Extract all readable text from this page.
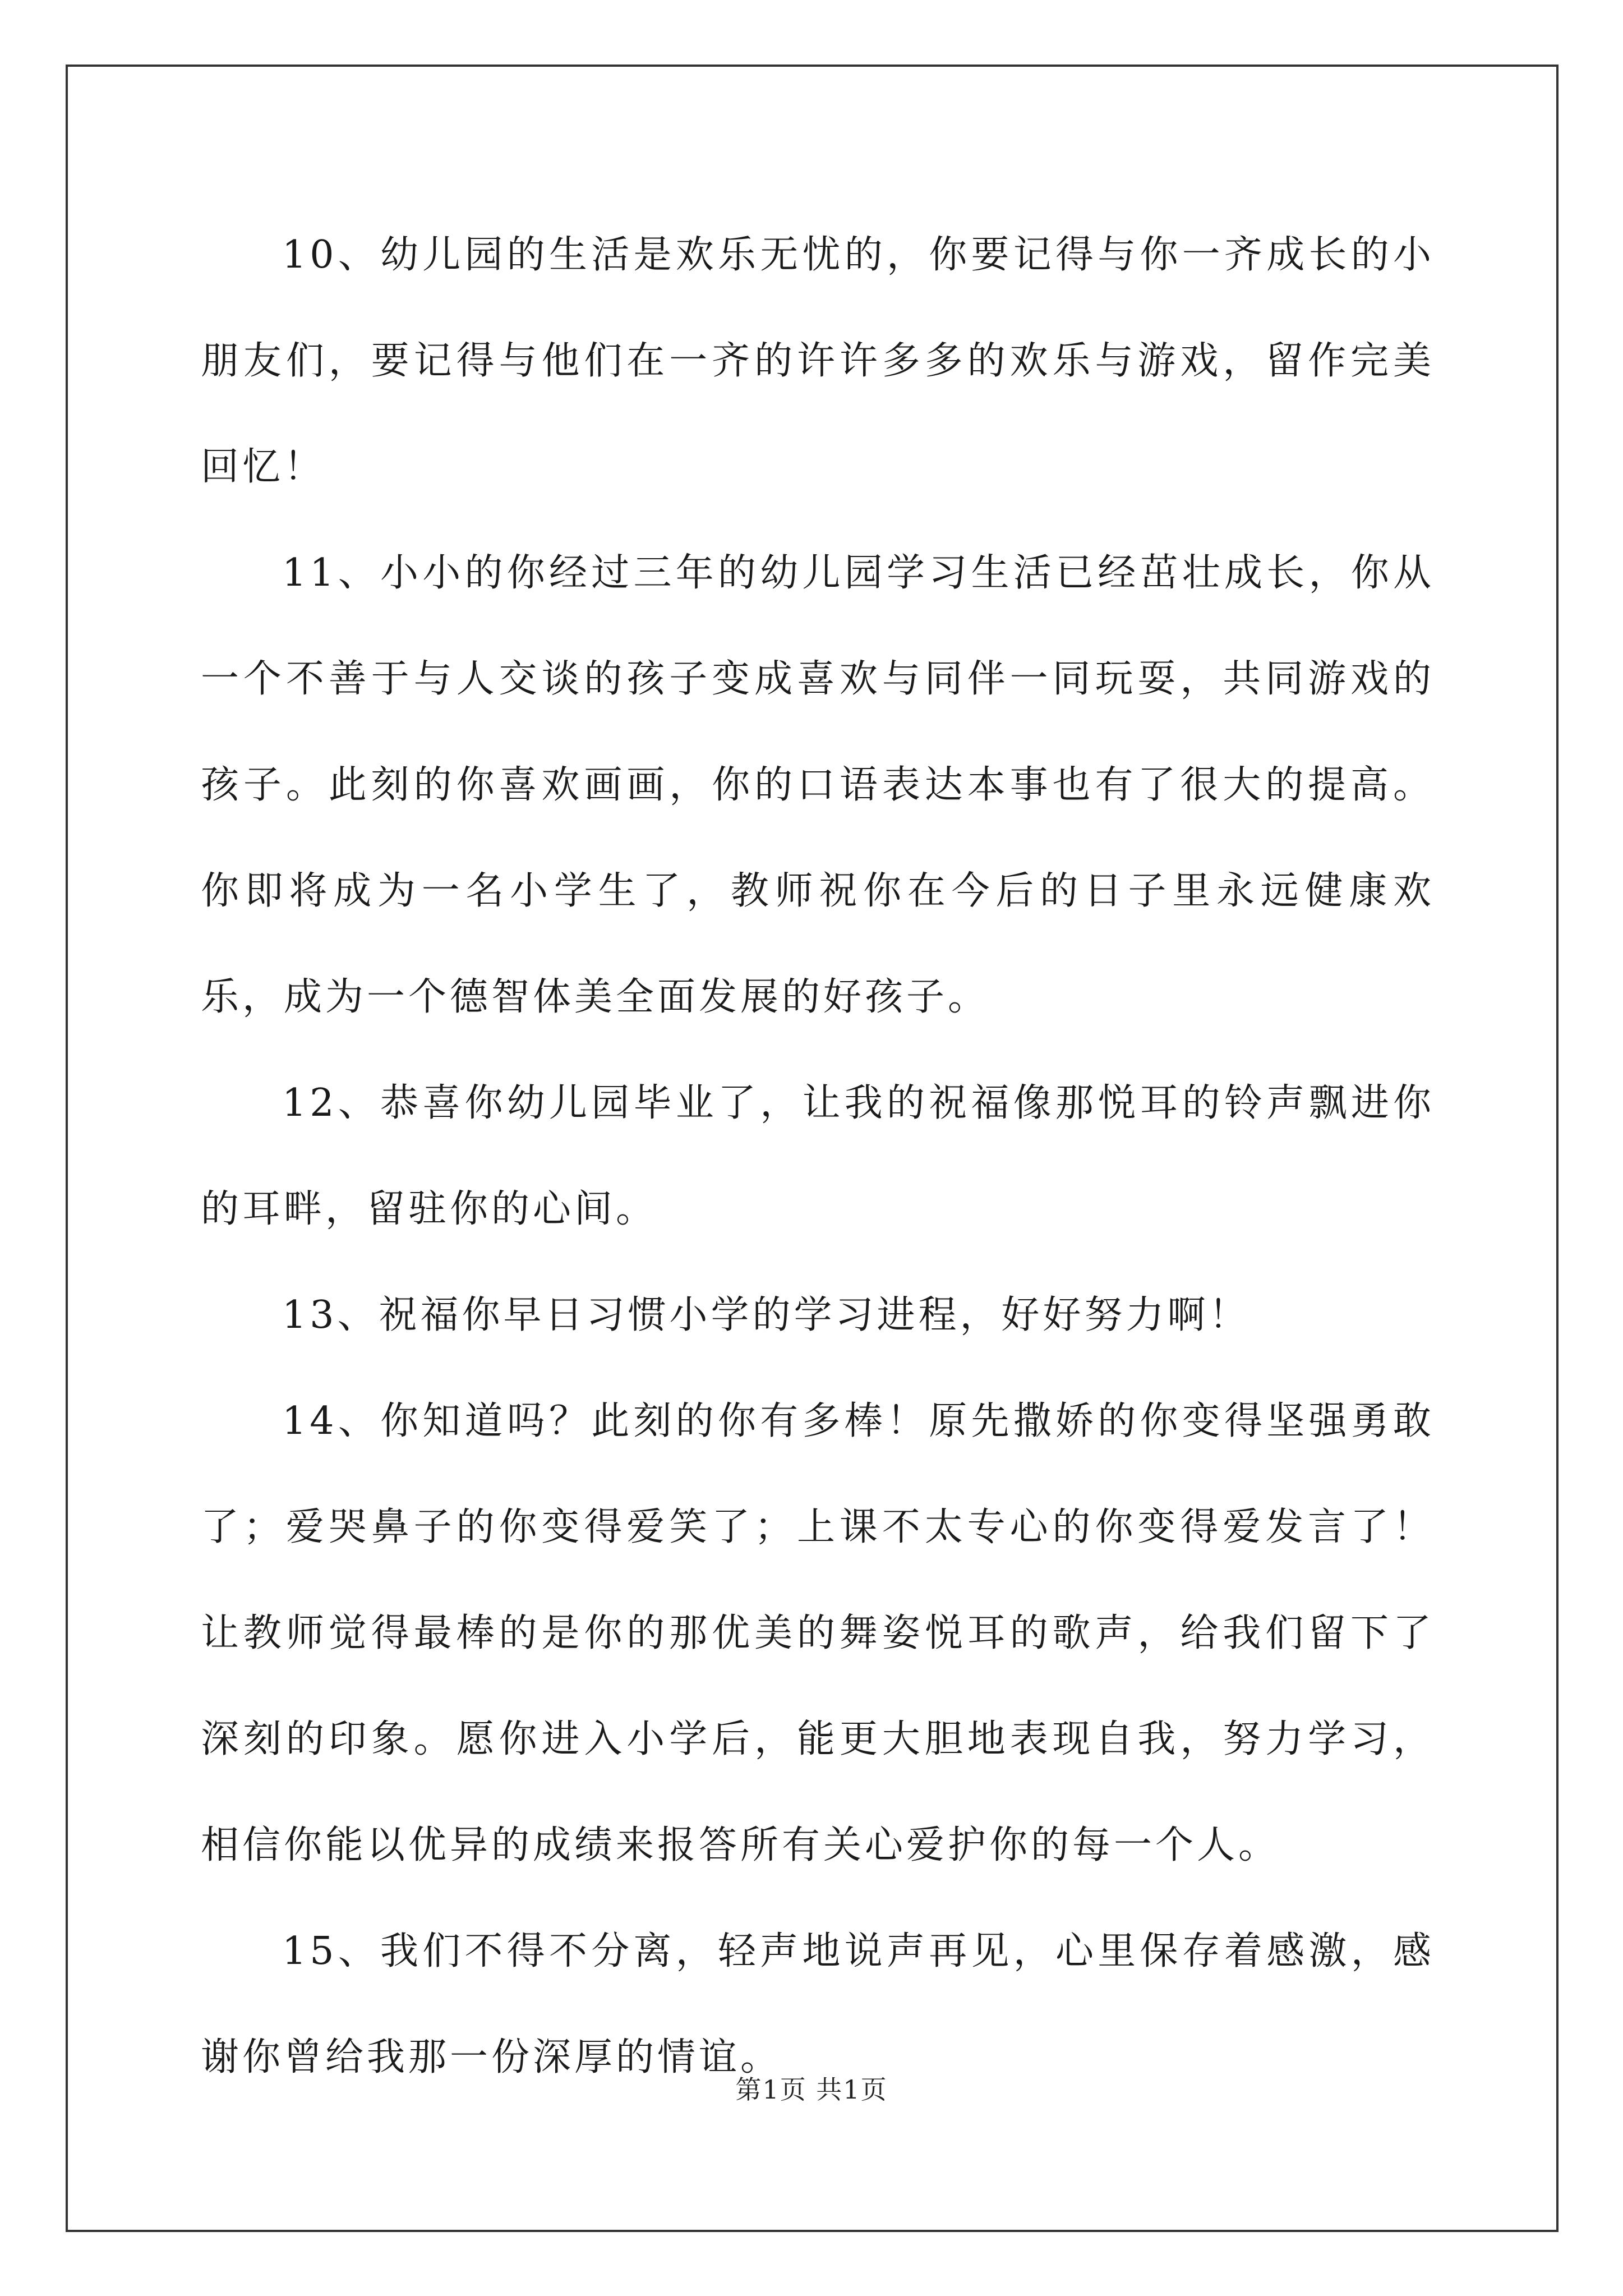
10、幼儿园的生活是欢乐无忧的，你要记得与你一齐成长的小朋友们，要记得与他们在一齐的许许多多的欢乐与游戏，留作完美回忆！

11、小小的你经过三年的幼儿园学习生活已经茁壮成长，你从一个不善于与人交谈的孩子变成喜欢与同伴一同玩耍，共同游戏的孩子。此刻的你喜欢画画，你的口语表达本事也有了很大的提高。你即将成为一名小学生了，教师祝你在今后的日子里永远健康欢乐，成为一个德智体美全面发展的好孩子。

12、恭喜你幼儿园毕业了，让我的祝福像那悦耳的铃声飘进你的耳畔，留驻你的心间。

13、祝福你早日习惯小学的学习进程，好好努力啊！

14、你知道吗？此刻的你有多棒！原先撒娇的你变得坚强勇敢了；爱哭鼻子的你变得爱笑了；上课不太专心的你变得爱发言了！让教师觉得最棒的是你的那优美的舞姿悦耳的歌声，给我们留下了深刻的印象。愿你进入小学后，能更大胆地表现自我，努力学习，相信你能以优异的成绩来报答所有关心爱护你的每一个人。

15、我们不得不分离，轻声地说声再见，心里保存着感激，感谢你曾给我那一份深厚的情谊。

第1页 共1页
